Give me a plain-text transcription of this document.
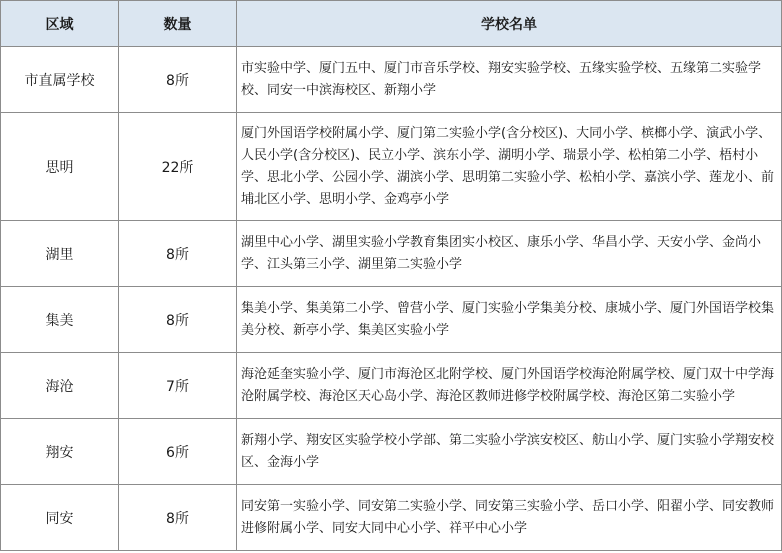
区域	数量	学校名单
市直属学校	8所	市实验中学、厦门五中、厦门市音乐学校、翔安实验学校、五缘实验学校、五缘第二实验学校、同安一中滨海校区、新翔小学
思明	22所	厦门外国语学校附属小学、厦门第二实验小学(含分校区)、大同小学、槟榔小学、演武小学、人民小学(含分校区)、民立小学、滨东小学、湖明小学、瑞景小学、松柏第二小学、梧村小学、思北小学、公园小学、湖滨小学、思明第二实验小学、松柏小学、嘉滨小学、莲龙小、前埔北区小学、思明小学、金鸡亭小学
湖里	8所	湖里中心小学、湖里实验小学教育集团实小校区、康乐小学、华昌小学、天安小学、金尚小学、江头第三小学、湖里第二实验小学
集美	8所	集美小学、集美第二小学、曾营小学、厦门实验小学集美分校、康城小学、厦门外国语学校集美分校、新亭小学、集美区实验小学
海沧	7所	海沧延奎实验小学、厦门市海沧区北附学校、厦门外国语学校海沧附属学校、厦门双十中学海沧附属学校、海沧区天心岛小学、海沧区教师进修学校附属学校、海沧区第二实验小学
翔安	6所	新翔小学、翔安区实验学校小学部、第二实验小学滨安校区、舫山小学、厦门实验小学翔安校区、金海小学
同安	8所	同安第一实验小学、同安第二实验小学、同安第三实验小学、岳口小学、阳翟小学、同安教师进修附属小学、同安大同中心小学、祥平中心小学
